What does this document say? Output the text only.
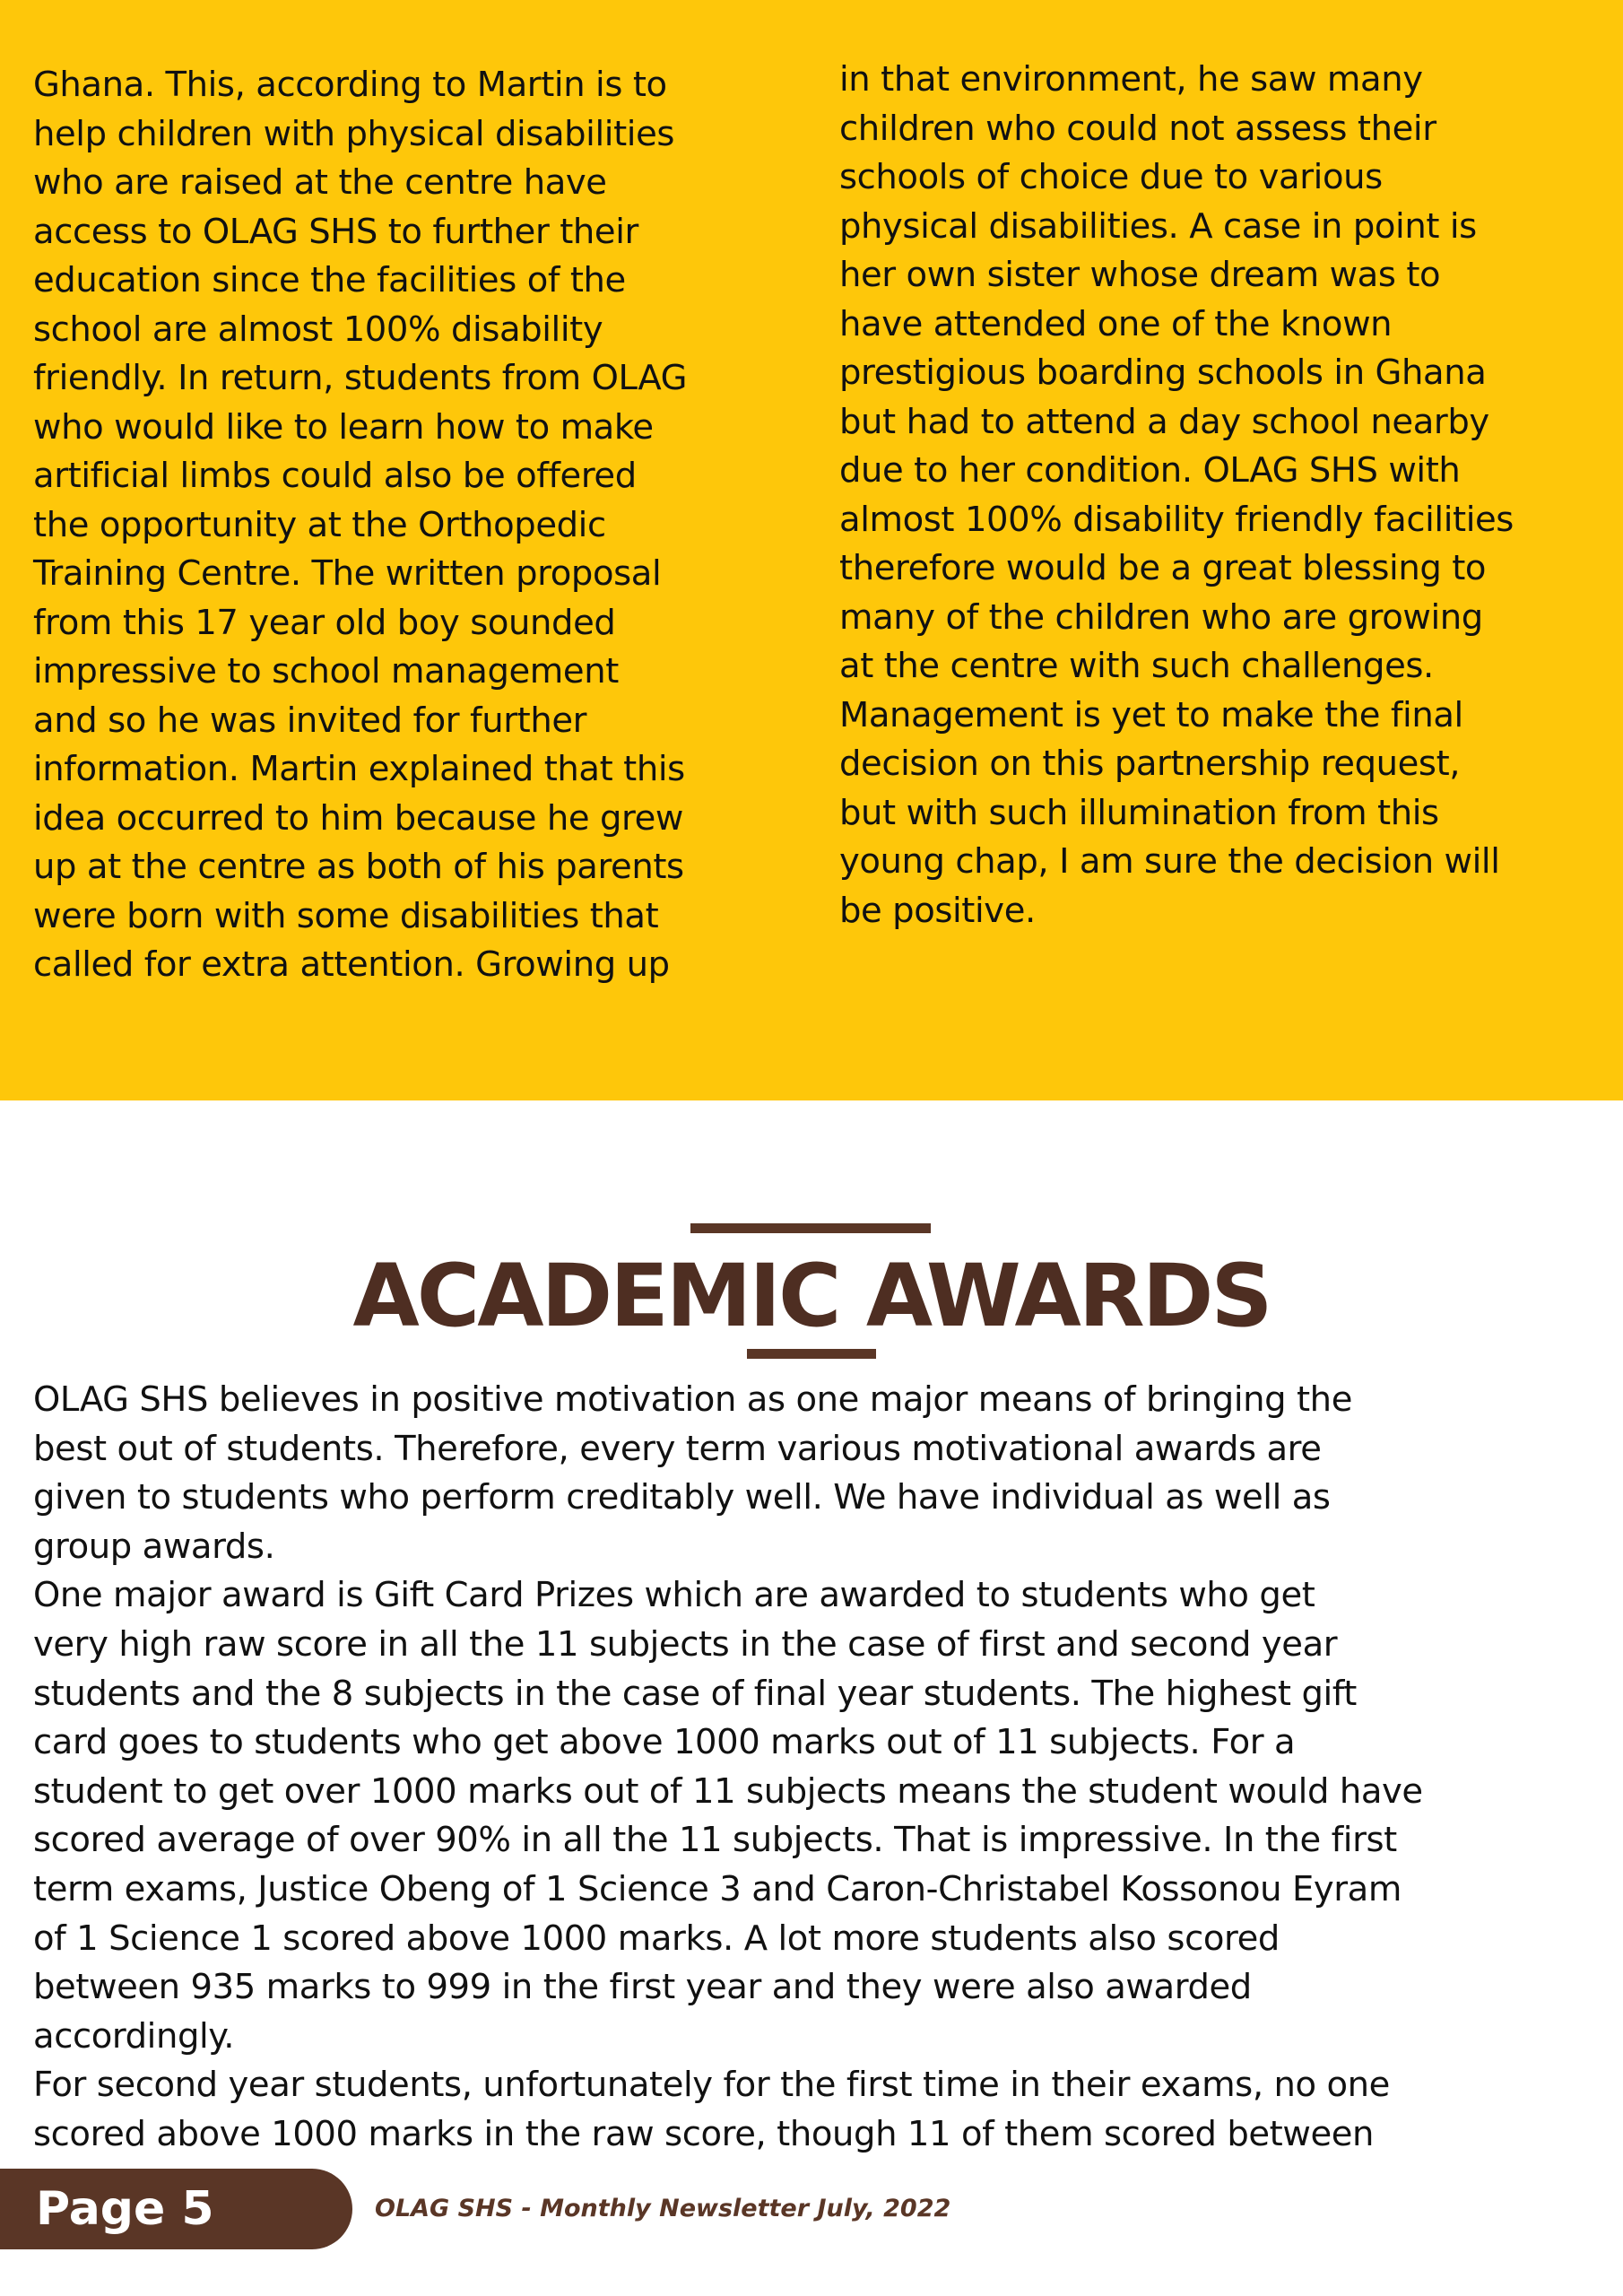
Ghana. This, according to Martin is to
help children with physical disabilities
who are raised at the centre have
access to OLAG SHS to further their
education since the facilities of the
school are almost 100% disability
friendly. In return, students from OLAG
who would like to learn how to make
artificial limbs could also be offered
the opportunity at the Orthopedic
Training Centre. The written proposal
from this 17 year old boy sounded
impressive to school management
and so he was invited for further
information. Martin explained that this
idea occurred to him because he grew
up at the centre as both of his parents
were born with some disabilities that
called for extra attention. Growing up
in that environment, he saw many
children who could not assess their
schools of choice due to various
physical disabilities. A case in point is
her own sister whose dream was to
have attended one of the known
prestigious boarding schools in Ghana
but had to attend a day school nearby
due to her condition. OLAG SHS with
almost 100% disability friendly facilities
therefore would be a great blessing to
many of the children who are growing
at the centre with such challenges.
Management is yet to make the final
decision on this partnership request,
but with such illumination from this
young chap, I am sure the decision will
be positive.
ACADEMIC AWARDS
OLAG SHS believes in positive motivation as one major means of bringing the
best out of students. Therefore, every term various motivational awards are
given to students who perform creditably well. We have individual as well as
group awards.
One major award is Gift Card Prizes which are awarded to students who get
very high raw score in all the 11 subjects in the case of first and second year
students and the 8 subjects in the case of final year students. The highest gift
card goes to students who get above 1000 marks out of 11 subjects. For a
student to get over 1000 marks out of 11 subjects means the student would have
scored average of over 90% in all the 11 subjects. That is impressive. In the first
term exams, Justice Obeng of 1 Science 3 and Caron-Christabel Kossonou Eyram
of 1 Science 1 scored above 1000 marks. A lot more students also scored
between 935 marks to 999 in the first year and they were also awarded
accordingly.
For second year students, unfortunately for the first time in their exams, no one
scored above 1000 marks in the raw score, though 11 of them scored between
Page 5	OLAG SHS - Monthly Newsletter July, 2022
